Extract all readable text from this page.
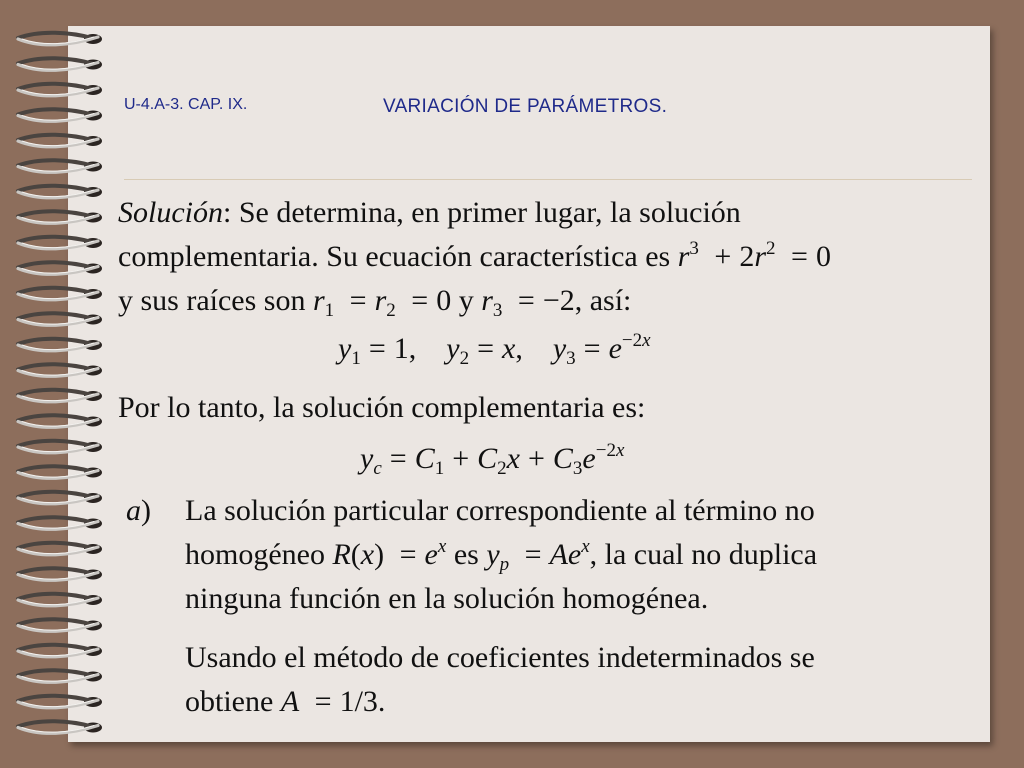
U-4.A-3. CAP. IX.	VARIACIÓN DE PARÁMETROS.
Solución: Se determina, en primer lugar, la solución
complementaria. Su ecuación característica es $r^3 + 2r^2 = 0$
y sus raíces son $r_1 = r_2 = 0$ y $r_3 = -2$, así:
$y_1 = 1$,    $y_2 = x$,    $y_3 = e^{-2x}$
Por lo tanto, la solución complementaria es:
$y_c = C_1 + C_2x + C_3e^{-2x}$
a) La solución particular correspondiente al término no
homogéneo $R(x) = e^x$ es $y_p = Ae^x$, la cual no duplica
ninguna función en la solución homogénea.
Usando el método de coeficientes indeterminados se
obtiene A = 1/3.
